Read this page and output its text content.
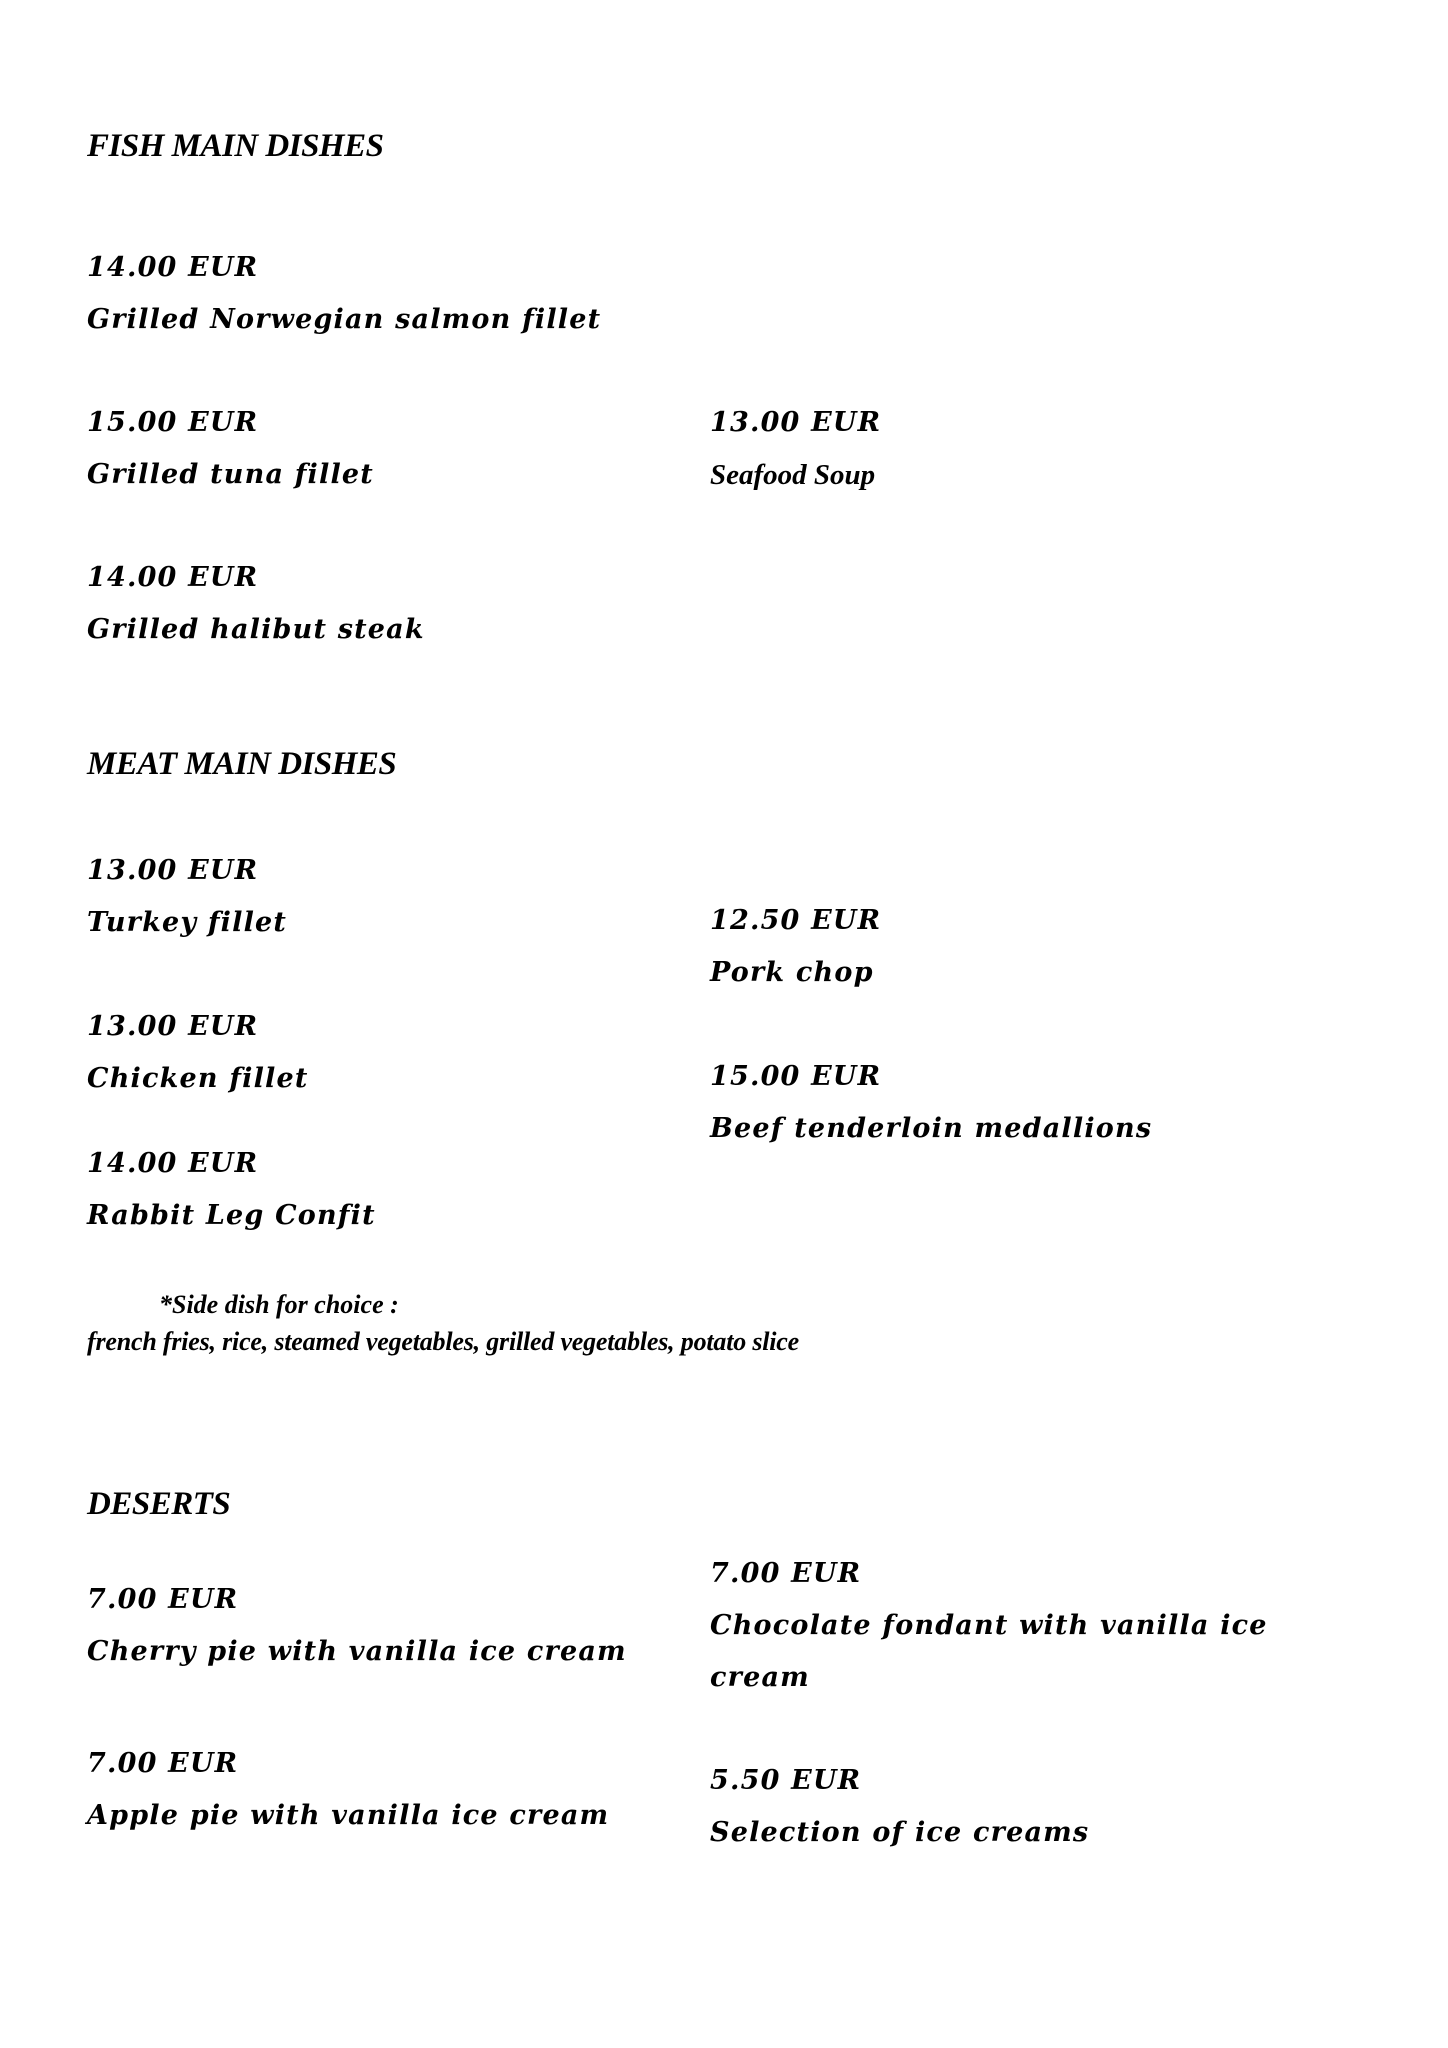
FISH MAIN DISHES
14.00 EUR
Grilled Norwegian salmon fillet
15.00 EUR
Grilled tuna fillet
13.00 EUR
Seafood Soup
14.00 EUR
Grilled halibut steak
MEAT MAIN DISHES
13.00 EUR
Turkey fillet	12.50 EUR
Pork chop
13.00 EUR
Chicken fillet	15.00 EUR
Beef tenderloin medallions
14.00 EUR
Rabbit Leg Confit
*Side dish for choice :
french fries, rice, steamed vegetables, grilled vegetables, potato slice
DESERTS
7.00 EUR
Cherry pie with vanilla ice cream
7.00 EUR
Chocolate fondant with vanilla ice cream
7.00 EUR
Apple pie with vanilla ice cream
5.50 EUR
Selection of ice creams
